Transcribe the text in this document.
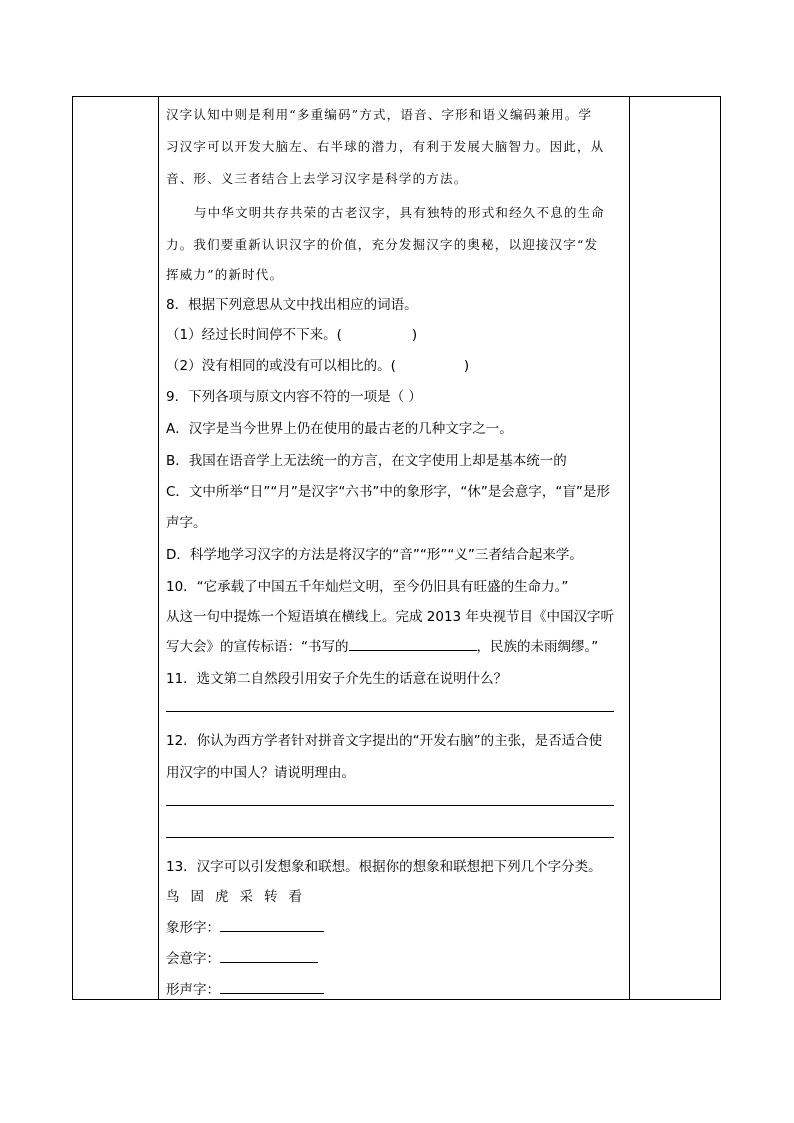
汉字认知中则是利用“多重编码”方式，语音、字形和语义编码兼用。学
习汉字可以开发大脑左、右半球的潜力，有利于发展大脑智力。因此，从
音、形、义三者结合上去学习汉字是科学的方法。
与中华文明共存共荣的古老汉字，具有独特的形式和经久不息的生命
力。我们要重新认识汉字的价值，充分发掘汉字的奥秘，以迎接汉字“发
挥威力”的新时代。
8．根据下列意思从文中找出相应的词语。
（1）经过长时间停不下来。(	)
（2）没有相同的或没有可以相比的。(	)
9．下列各项与原文内容不符的一项是（ ）
A．汉字是当今世界上仍在使用的最古老的几种文字之一。
B．我国在语音学上无法统一的方言，在文字使用上却是基本统一的
C．文中所举“日”“月”是汉字“六书”中的象形字，“休”是会意字，“盲”是形
声字。
D．科学地学习汉字的方法是将汉字的“音”“形”“义”三者结合起来学。
10．“它承载了中国五千年灿烂文明，至今仍旧具有旺盛的生命力。”
从这一句中提炼一个短语填在横线上。完成 2013 年央视节目《中国汉字听
写大会》的宣传标语：“书写的	，民族的未雨绸缪。”
11．选文第二自然段引用安子介先生的话意在说明什么？
12．你认为西方学者针对拼音文字提出的“开发右脑”的主张，是否适合使
用汉字的中国人？请说明理由。
13．汉字可以引发想象和联想。根据你的想象和联想把下列几个字分类。
鸟 固 虎 采 转 看
象形字：
会意字：
形声字：
